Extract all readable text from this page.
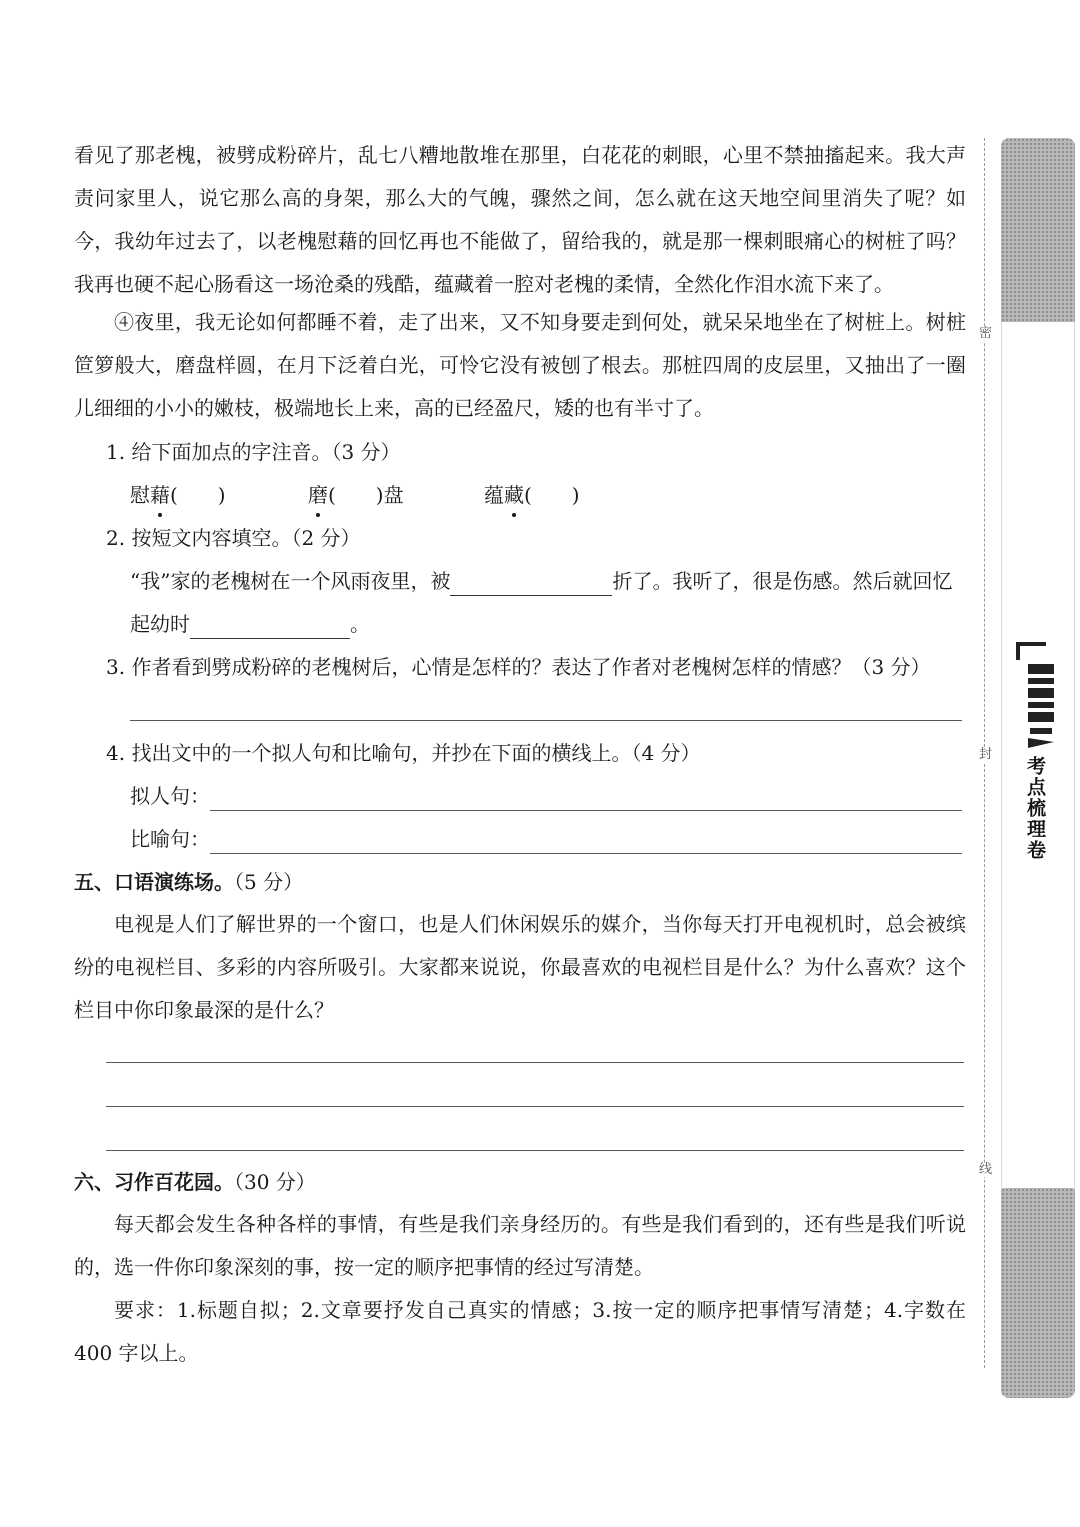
看见了那老槐，被劈成粉碎片，乱七八糟地散堆在那里，白花花的刺眼，心里不禁抽搐起来。我大声责问家里人，说它那么高的身架，那么大的气魄，骤然之间，怎么就在这天地空间里消失了呢？如今，我幼年过去了，以老槐慰藉的回忆再也不能做了，留给我的，就是那一棵刺眼痛心的树桩了吗？我再也硬不起心肠看这一场沧桑的残酷，蕴藏着一腔对老槐的柔情，全然化作泪水流下来了。

④夜里，我无论如何都睡不着，走了出来，又不知身要走到何处，就呆呆地坐在了树桩上。树桩笸箩般大，磨盘样圆，在月下泛着白光，可怜它没有被刨了根去。那桩四周的皮层里，又抽出了一圈儿细细的小小的嫩枝，极端地长上来，高的已经盈尺，矮的也有半寸了。

1. 给下面加点的字注音。（3 分）

慰藉(　　)	磨(　　)盘	蕴藏(　　)

2. 按短文内容填空。（2 分）

“我”家的老槐树在一个风雨夜里，被	折了。我听了，很是伤感。然后就回忆
起幼时	。

3. 作者看到劈成粉碎的老槐树后，心情是怎样的？表达了作者对老槐树怎样的情感？（3 分）

4. 找出文中的一个拟人句和比喻句，并抄在下面的横线上。（4 分）

拟人句：
比喻句：

五、口语演练场。（5 分）

电视是人们了解世界的一个窗口，也是人们休闲娱乐的媒介，当你每天打开电视机时，总会被缤纷的电视栏目、多彩的内容所吸引。大家都来说说，你最喜欢的电视栏目是什么？为什么喜欢？这个栏目中你印象最深的是什么？

六、习作百花园。（30 分）

每天都会发生各种各样的事情，有些是我们亲身经历的。有些是我们看到的，还有些是我们听说的，选一件你印象深刻的事，按一定的顺序把事情的经过写清楚。

要求：1.标题自拟；2.文章要抒发自己真实的情感；3.按一定的顺序把事情写清楚；4.字数在400 字以上。

密
封
线
考点梳理卷
